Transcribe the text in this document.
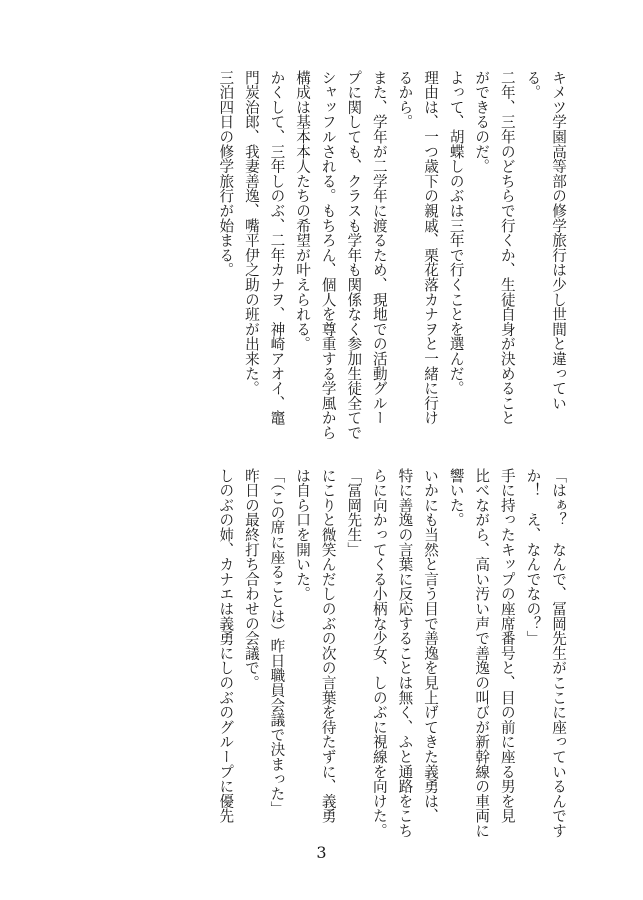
キメツ学園高等部の修学旅行は少し世間と違ってい

る。

二年、三年のどちらで行くか、生徒自身が決めること

ができるのだ。

よって、胡蝶しのぶは三年で行くことを選んだ。

理由は、一つ歳下の親戚、栗花落カナヲと一緒に行け

るから。

また、学年が二学年に渡るため、現地での活動グルー

プに関しても、クラスも学年も関係なく参加生徒全てで

シャッフルされる。もちろん、個人を尊重する学風から

構成は基本本人たちの希望が叶えられる。

かくして、三年しのぶ、二年カナヲ、神崎アオイ、竈

門炭治郎、我妻善逸、嘴平伊之助の班が出来た。

三泊四日の修学旅行が始まる。

「はぁ？　なんで、冨岡先生がここに座っているんです

か！　え、なんでなの？」

手に持ったキップの座席番号と、目の前に座る男を見

比べながら、高い汚い声で善逸の叫びが新幹線の車両に

響いた。

いかにも当然と言う目で善逸を見上げてきた義勇は、

特に善逸の言葉に反応することは無く、ふと通路をこち

らに向かってくる小柄な少女、しのぶに視線を向けた。

「冨岡先生」

にこりと微笑んだしのぶの次の言葉を待たずに、義勇

は自ら口を開いた。

「（この席に座ることは）昨日職員会議で決まった」

昨日の最終打ち合わせの会議で。

しのぶの姉、カナエは義勇にしのぶのグループに優先

3
